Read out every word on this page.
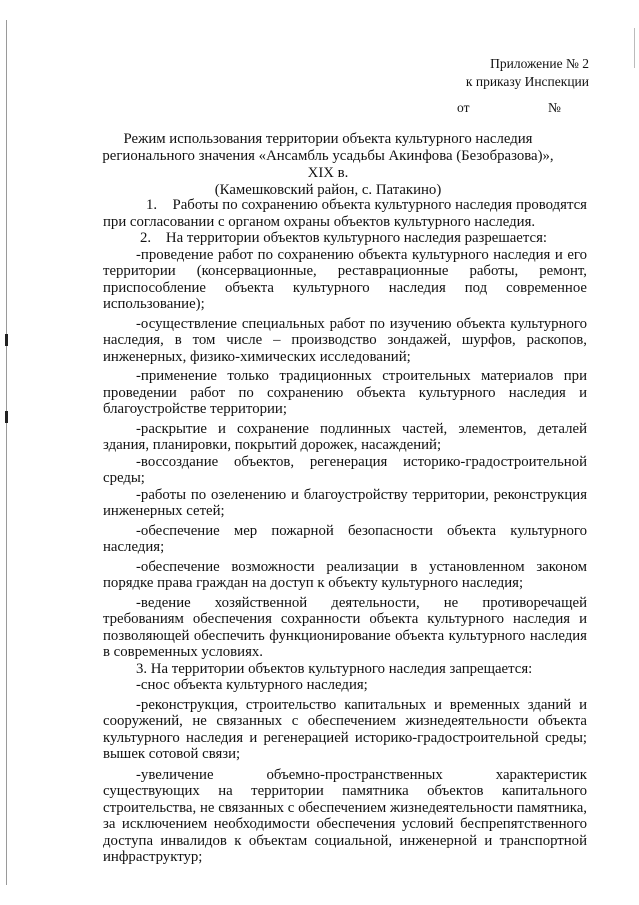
Приложение № 2
к приказу Инспекции
от	№
Режим использования территории объекта культурного наследия
регионального значения «Ансамбль усадьбы Акинфова (Безобразова)», XIX в.
(Камешковский район, с. Патакино)

1.    Работы по сохранению объекта культурного наследия проводятся при согласовании с органом охраны объектов культурного наследия.

2.    На территории объектов культурного наследия разрешается:

-проведение работ по сохранению объекта культурного наследия и его территории (консервационные, реставрационные работы, ремонт, приспособление объекта культурного наследия под современное использование);

-осуществление специальных работ по изучению объекта культурного наследия, в том числе – производство зондажей, шурфов, раскопов, инженерных, физико-химических исследований;

-применение только традиционных строительных материалов при проведении работ по сохранению объекта культурного наследия и благоустройстве территории;

-раскрытие и сохранение подлинных частей, элементов, деталей здания, планировки, покрытий дорожек, насаждений;

-воссоздание объектов, регенерация историко-градостроительной среды;

-работы по озеленению и благоустройству территории, реконструкция инженерных сетей;

-обеспечение мер пожарной безопасности объекта культурного наследия;

-обеспечение возможности реализации в установленном законом порядке права граждан на доступ к объекту культурного наследия;

-ведение хозяйственной деятельности, не противоречащей требованиям обеспечения сохранности объекта культурного наследия и позволяющей обеспечить функционирование объекта культурного наследия в современных условиях.

3. На территории объектов культурного наследия запрещается:

-снос объекта культурного наследия;

-реконструкция, строительство капитальных и временных зданий и сооружений, не связанных с обеспечением жизнедеятельности объекта культурного наследия и регенерацией историко-градостроительной среды; вышек сотовой связи;

-увеличение объемно-пространственных характеристик существующих на территории памятника объектов капитального строительства, не связанных с обеспечением жизнедеятельности памятника, за исключением необходимости обеспечения условий беспрепятственного доступа инвалидов к объектам социальной, инженерной и транспортной инфраструктур;
